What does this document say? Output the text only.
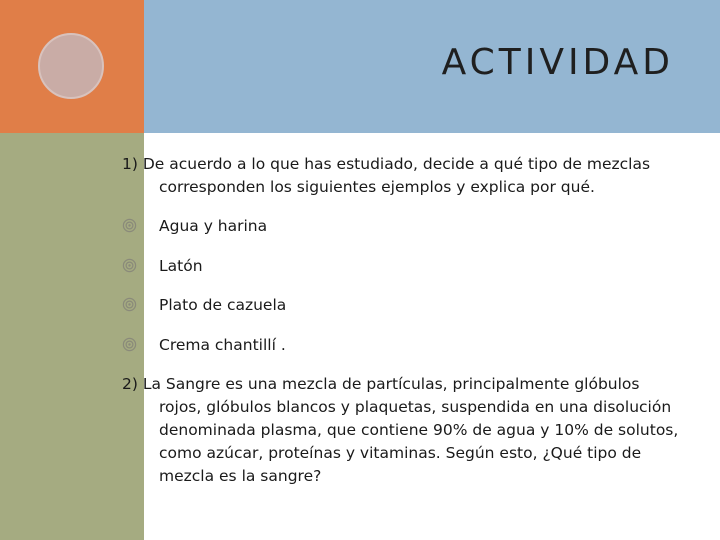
ACTIVIDAD

1) De acuerdo a lo que has estudiado, decide a qué tipo de mezclas corresponden los siguientes ejemplos y explica por qué.

Agua y harina
Latón
Plato de cazuela
Crema chantillí .

2) La Sangre es una mezcla de partículas, principalmente glóbulos rojos, glóbulos blancos y plaquetas, suspendida en una disolución denominada plasma, que contiene 90% de agua y 10% de solutos, como azúcar, proteínas y vitaminas. Según esto, ¿Qué tipo de mezcla es la sangre?
